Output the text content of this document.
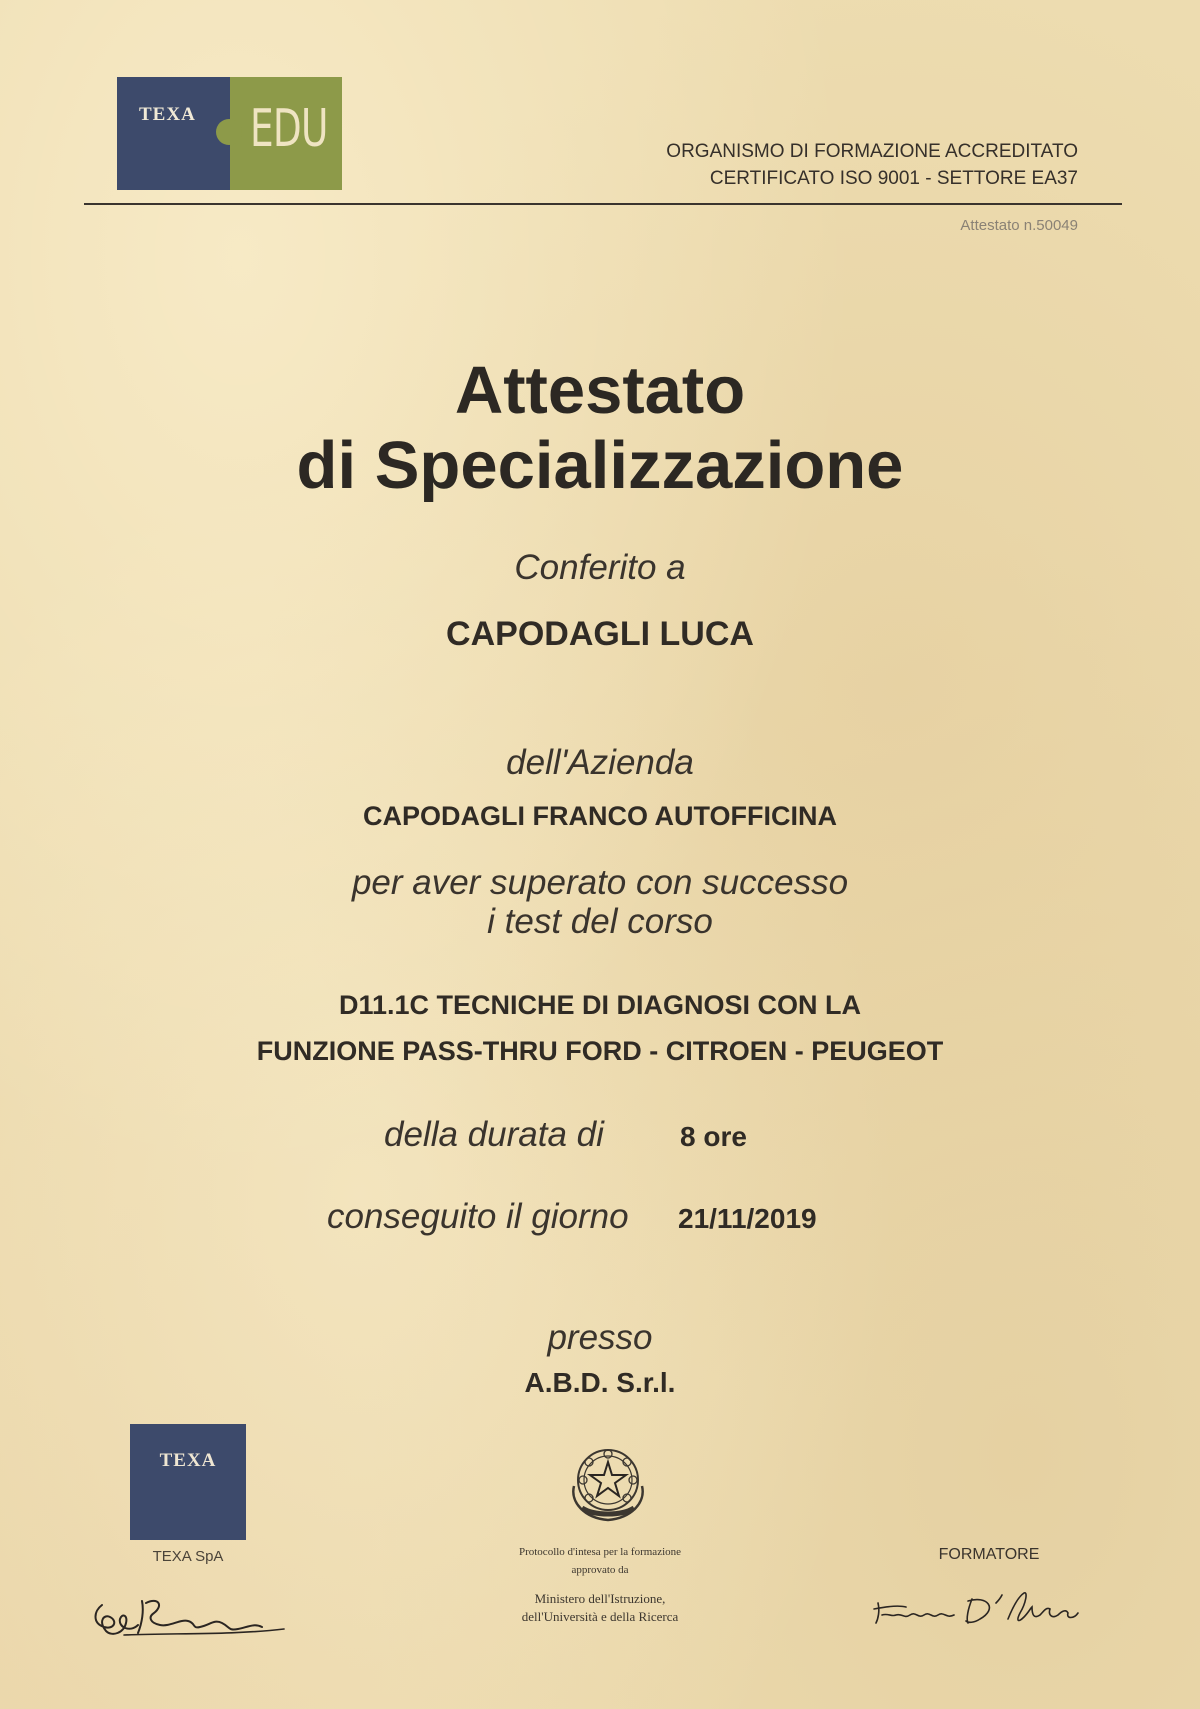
TEXA EDU	ORGANISMO DI FORMAZIONE ACCREDITATO
CERTIFICATO ISO 9001 - SETTORE EA37
Attestato n.50049
Attestato
di Specializzazione
Conferito a
CAPODAGLI LUCA
dell'Azienda
CAPODAGLI FRANCO AUTOFFICINA
per aver superato con successo
i test del corso
D11.1C TECNICHE DI DIAGNOSI CON LA
FUNZIONE PASS-THRU FORD - CITROEN - PEUGEOT
della durata di	8 ore
conseguito il giorno 21/11/2019
presso
A.B.D. S.r.l.
TEXA
TEXA SpA	Protocollo d'intesa per la formazione
approvato da
Ministero dell'Istruzione,
dell'Università e della Ricerca
FORMATORE
